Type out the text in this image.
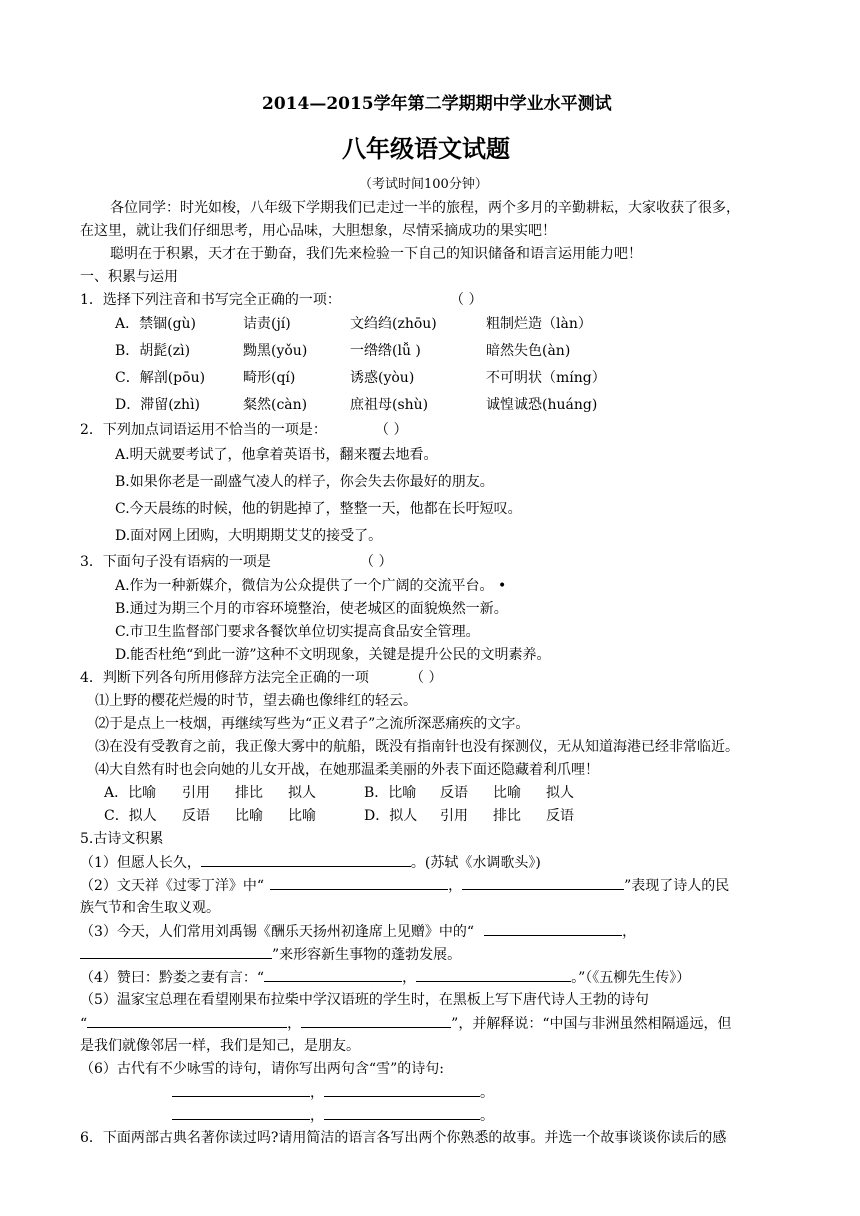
2014—2015学年第二学期期中学业水平测试
八年级语文试题
（考试时间100分钟）
各位同学：时光如梭，八年级下学期我们已走过一半的旅程，两个多月的辛勤耕耘，大家收获了很多，
在这里，就让我们仔细思考，用心品味，大胆想象，尽情采摘成功的果实吧！
聪明在于积累，天才在于勤奋，我们先来检验一下自己的知识储备和语言运用能力吧！
一、积累与运用
1．选择下列注音和书写完全正确的一项：	（ ）
A．禁锢(gù)	诘责(jí)	文绉绉(zhōu)	粗制烂造（làn）
B．胡髭(zì)	黝黑(yǒu)	一绺绺(lǚ )	暗然失色(àn)
C．解剖(pōu)	畸形(qí)	诱惑(yòu)	不可明状（míng）
D．滞留(zhì)	粲然(càn)	庶祖母(shù)	诚惶诚恐(huáng)
2．下列加点词语运用不恰当的一项是：	（ ）
A.明天就要考试了，他拿着英语书，翻来覆去地看。
B.如果你老是一副盛气凌人的样子，你会失去你最好的朋友。
C.今天晨练的时候，他的钥匙掉了，整整一天，他都在长吁短叹。
D.面对网上团购，大明期期艾艾的接受了。
3．下面句子没有语病的一项是	（ ）
A.作为一种新媒介，微信为公众提供了一个广阔的交流平台。 •
B.通过为期三个月的市容环境整治，使老城区的面貌焕然一新。
C.市卫生监督部门要求各餐饮单位切实提高食品安全管理。
D.能否杜绝“到此一游”这种不文明现象，关键是提升公民的文明素养。
4．判断下列各句所用修辞方法完全正确的一项	（ ）
⑴上野的樱花烂熳的时节，望去确也像绯红的轻云。
⑵于是点上一枝烟，再继续写些为“正义君子”之流所深恶痛疾的文字。
⑶在没有受教育之前，我正像大雾中的航船，既没有指南针也没有探测仪，无从知道海港已经非常临近。
⑷大自然有时也会向她的儿女开战，在她那温柔美丽的外表下面还隐藏着利爪哩！
A．比喻 引用 排比 拟人	B．比喻 反语 比喻 拟人
C．拟人 反语 比喻 比喻	D．拟人 引用 排比 反语
5.古诗文积累
（1）但愿人长久，	。(苏轼《水调歌头》)
（2）文天祥《过零丁洋》中“	，	”表现了诗人的民
族气节和舍生取义观。
（3）今天，人们常用刘禹锡《酬乐天扬州初逢席上见赠》中的“	，
”来形容新生事物的蓬勃发展。
（4）赞曰：黔娄之妻有言：“	，	。”（《五柳先生传》）
（5）温家宝总理在看望刚果布拉柴中学汉语班的学生时，在黑板上写下唐代诗人王勃的诗句
“	，	”，并解释说：“中国与非洲虽然相隔遥远，但
是我们就像邻居一样，我们是知己，是朋友。
（6）古代有不少咏雪的诗句，请你写出两句含“雪”的诗句:
，	。
，	。
6．下面两部古典名著你读过吗?请用简洁的语言各写出两个你熟悉的故事。并选一个故事谈谈你读后的感
